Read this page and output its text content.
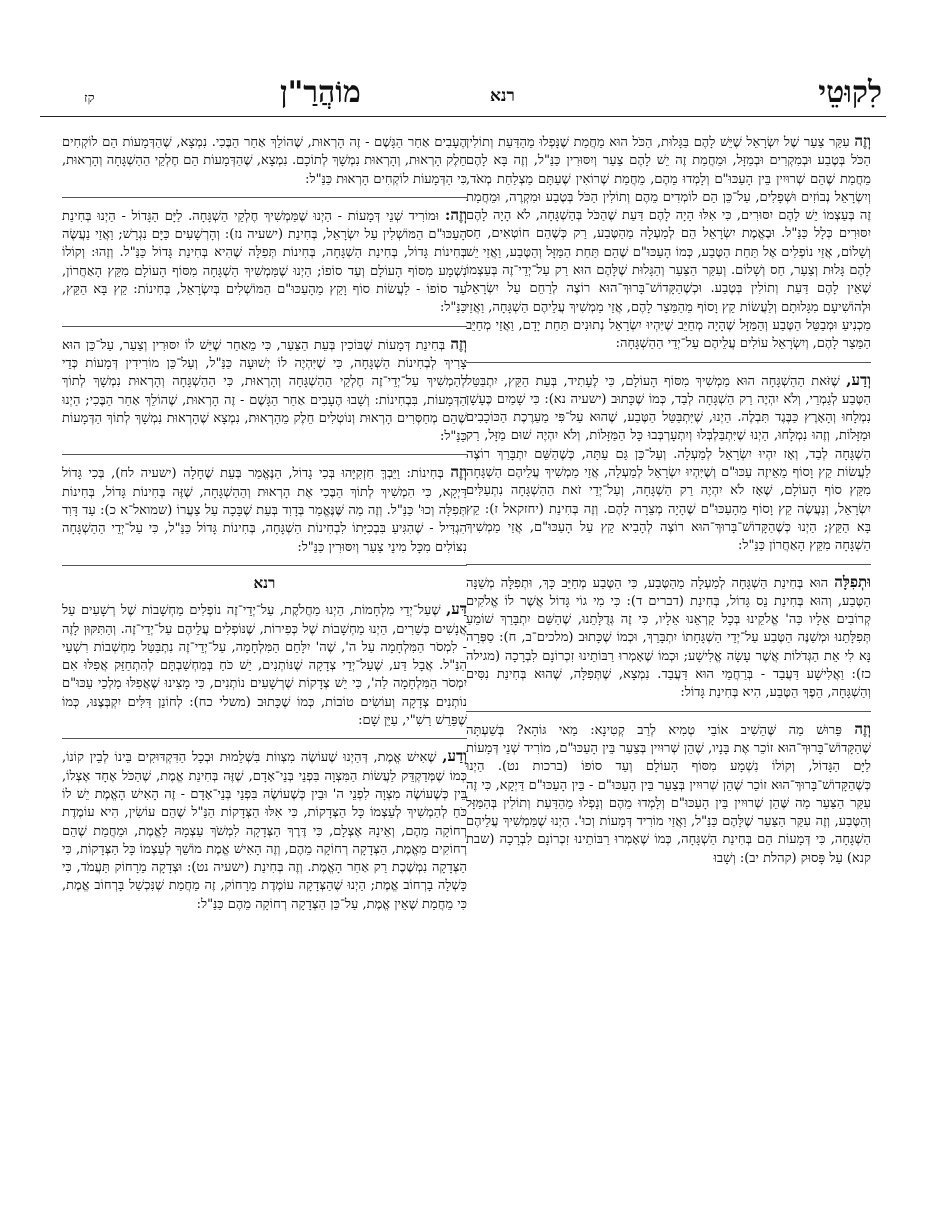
לִקוּטֵי
רנא
מוֹהֲרַ"ן
קז

וְזֶה עִקַּר צַעַר שֶׁל יִשְׂרָאֵל שֶׁיֵּשׁ לָהֶם בַּגָּלוּת, הַכֹּל הוּא מֵחֲמַת שֶׁנָּפְלוּ מֵהַדַּעַת וְתוֹלִין הַכֹּל בְּטֶבַע וּבְמִקְרִים וּבְמַזָּל, וּמֵחֲמַת זֶה יֵשׁ לָהֶם צַעַר וְיִסּוּרִין כַּנַּ"ל, וְזֶה בָּא לָהֶם מֵחֲמַת שֶׁהֵם שְׁרוּיִין בֵּין הָעַכּוּ"ם וְלָמְדוּ מֵהֶם, מֵחֲמַת שֶׁרוֹאִין שֶׁעַתָּם מַצְלַחַת מְאֹד, וְיִשְׂרָאֵל נְבוֹזִים וּשְׁפָלִים, עַל־כֵּן הֵם לוֹמְדִים מֵהֶם וְתוֹלִין הַכֹּל בְּטֶבַע וּמִקְרֶה, וּמֵחֲמַת זֶה בְּעַצְמוֹ יֵשׁ לָהֶם יִסּוּרִים, כִּי אִלּוּ הָיָה לָהֶם דַּעַת שֶׁהַכֹּל בְּהַשְׁגָּחָה, לֹא הָיָה לָהֶם יִסּוּרִים כְּלָל כַּנַּ"ל. וּבֶאֱמֶת יִשְׂרָאֵל הֵם לְמַעְלָה מֵהַטֶּבַע, רַק כְּשֶׁהֵם חוֹטְאִים, חַס וְשָׁלוֹם, אֲזַי נוֹפְלִים אֶל תַּחַת הַטֶּבַע, כְּמוֹ הָעַכּוּ"ם שֶׁהֵם תַּחַת הַמַּזָּל וְהַטֶּבַע, וַאֲזַי יֵשׁ לָהֶם גָּלוּת וְצַעַר, חַס וְשָׁלוֹם. וְעִקַּר הַצַּעַר וְהַגָּלוּת שֶׁלָּהֶם הוּא רַק עַל־יְדֵי־זֶה בְּעַצְמוֹ שֶׁאֵין לָהֶם דַּעַת וְתוֹלִין בְּטֶבַע. וּכְשֶׁהַקָּדוֹשׁ־בָּרוּךְ־הוּא רוֹצֶה לְרַחֵם עַל יִשְׂרָאֵל וּלְהוֹשִׁיעָם מִגָּלוּתָם וְלַעֲשׂוֹת קֵץ וָסוֹף מֵהַמֵּצַר לָהֶם, אֲזַי מַמְשִׁיךְ עֲלֵיהֶם הַשְׁגָּחָה, וַאֲזַי מַכְנִיעַ וּמְבַטֵּל הַטֶּבַע וְהַמַּזָּל שֶׁהָיָה מְחַיֵּב שֶׁיִּהְיוּ יִשְׂרָאֵל נְתוּנִים תַּחַת יָדָם, וַאֲזַי מְחַיֵּב הַמֵּצַר לָהֶם, וְיִשְׂרָאֵל עוֹלִים עֲלֵיהֶם עַל־יְדֵי הַהַשְׁגָּחָה:

וְדַע, שֶׁזֹּאת הַהַשְׁגָּחָה הוּא מַמְשִׁיךְ מִסּוֹף הָעוֹלָם, כִּי לֶעָתִיד, בְּעֵת הַקֵּץ, יִתְבַּטֵּל הַטֶּבַע לְגַמְרֵי, וְלֹא יִהְיֶה רַק הַשְׁגָּחָה לְבַד, כְּמוֹ שֶׁכָּתוּב (ישעיה נא): כִּי שָׁמַיִם כֶּעָשָׁן נִמְלָחוּ וְהָאָרֶץ כַּבֶּגֶד תִּבְלֶה. הַיְנוּ, שֶׁיִּתְבַּטֵּל הַטֶּבַע, שֶׁהוּא עַל־פִּי מַעַרֶכֶת הַכּוֹכָבִים וּמַזָּלוֹת, וְזֶהוּ נִמְלָחוּ, הַיְנוּ שֶׁיִּתְבַּלְבְּלוּ וְיִתְעָרְבְּבוּ כָּל הַמַּזָּלוֹת, וְלֹא יִהְיֶה שׁוּם מַזָּל, רַק הַשְׁגָּחָה לְבַד, וְאָז יִהְיוּ יִשְׂרָאֵל לְמַעְלָה. וְעַל־כֵּן גַּם עַתָּה, כְּשֶׁהַשֵּׁם יִתְבָּרַךְ רוֹצֶה לַעֲשׂוֹת קֵץ וָסוֹף מֵאֵיזֶה עַכּוּ"ם וְשֶׁיִּהְיוּ יִשְׂרָאֵל לְמַעְלָה, אֲזַי מַמְשִׁיךְ עֲלֵיהֶם הַשְׁגָּחָה מִקֵּץ סוֹף הָעוֹלָם, שֶׁאָז לֹא יִהְיֶה רַק הַשְׁגָּחָה, וְעַל־יְדֵי זֹאת הַהַשְׁגָּחָה נִתְעַלִּים יִשְׂרָאֵל, וְנַעֲשֶׂה קֵץ וָסוֹף מֵהָעַכּוּ"ם שֶׁהָיָה מְצֵרָה לָהֶם. וְזֶה בְּחִינַת (יחזקאל ז): קֵץ בָּא הַקֵּץ; הַיְנוּ כְּשֶׁהַקָּדוֹשׁ־בָּרוּךְ־הוּא רוֹצֶה לְהָבִיא קֵץ עַל הָעַכּוּ"ם, אֲזַי מַמְשִׁיךְ הַשְׁגָּחָה מִקֵּץ הָאַחֲרוֹן כַּנַּ"ל:

וּתְפִלָּה הוּא בְּחִינַת הַשְׁגָּחָה לְמַעְלָה מֵהַטֶּבַע, כִּי הַטֶּבַע מְחַיֵּב כָּךְ, וּתְפִלָּה מְשַׁנָּה הַטֶּבַע, וְהוּא בְּחִינַת נֵס גָּדוֹל, בְּחִינַת (דברים ד): כִּי מִי גוֹי גָּדוֹל אֲשֶׁר לוֹ אֱלֹקִים קְרוֹבִים אֵלָיו כַּה' אֱלֹקֵינוּ בְּכָל קָרְאֵנוּ אֵלָיו, כִּי זֶה גְּדֻלָּתֵנוּ, שֶׁהַשֵּׁם יִתְבָּרַךְ שׁוֹמֵעַ תְּפִלָּתֵנוּ וּמְשַׁנֶּה הַטֶּבַע עַל־יְדֵי הַשְׁגָּחָתוֹ יִתְבָּרַךְ, וּכְמוֹ שֶׁכָּתוּב (מלכים־ב, ח): סַפְּרָה נָּא לִי אֵת הַגְּדֹלוֹת אֲשֶׁר עָשָׂה אֱלִישָׁע; וּכְמוֹ שֶׁאָמְרוּ רַבּוֹתֵינוּ זִכְרוֹנָם לִבְרָכָה (מגילה כז): וַאֲלִישָׁע דַּעֲבַד - בְּרַחֲמֵי הוּא דַּעֲבַד. נִמְצָא, שֶׁתְּפִלָּה, שֶׁהוּא בְּחִינַת נִסִּים וְהַשְׁגָּחָה, הֵפֶךְ הַטֶּבַע, הִיא בְּחִינַת גָּדוֹל:

וְזֶה פֵּרוּשׁ מַה שֶּׁהֵשִׁיב אוֹבֵי טְמִיא לְרַב קְטִינָא: מַאי גּוֹהָא? בְּשַׁעְתָּה שֶׁהַקָּדוֹשׁ־בָּרוּךְ־הוּא זוֹכֵר אֶת בָּנָיו, שֶׁהֵן שְׁרוּיִין בְּצַעַר בֵּין הָעַכּוּ"ם, מוֹרִיד שְׁנֵי דְּמָעוֹת לַיָּם הַגָּדוֹל, וְקוֹלוֹ נִשְׁמָע מִסּוֹף הָעוֹלָם וְעַד סוֹפוֹ (ברכות נט). הַיְנוּ כְּשֶׁהַקָּדוֹשׁ־בָּרוּךְ־הוּא זוֹכֵר שֶׁהֵן שְׁרוּיִין בְּצַעַר בֵּין הָעַכּוּ"ם - בֵּין הָעַכּוּ"ם דַּיְקָא, כִּי זֶה עִקַּר הַצַּעַר מַה שֶּׁהֵן שְׁרוּיִין בֵּין הָעַכּוּ"ם וְלָמְדוּ מֵהֶם וְנָפְלוּ מֵהַדַּעַת וְתוֹלִין בְּהַמַּזָּל וְהַטֶּבַע, וְזֶה עִקַּר הַצַּעַר שֶׁלָּהֶם כַּנַּ"ל, וַאֲזַי מוֹרִיד דְּמָעוֹת וְכוּ'. הַיְנוּ שֶׁמַּמְשִׁיךְ עֲלֵיהֶם הַשְׁגָּחָה, כִּי דְּמָעוֹת הֵם בְּחִינַת הַשְׁגָּחָה, כְּמוֹ שֶׁאָמְרוּ רַבּוֹתֵינוּ זִכְרוֹנָם לִבְרָכָה (שבת קנא) עַל פָּסוּק (קהלת יב): וְשָׁבוּ

הֶעָבִים אַחַר הַגָּשֶׁם - זֶה הָרְאוּת, שֶׁהוֹלֵךְ אַחַר הַבֶּכִי. נִמְצָא, שֶׁהַדְּמָעוֹת הֵם לוֹקְחִים חֵלֶק הָרְאוּת, וְהָרְאוּת נִמְשָׁךְ לְתוֹכָם. נִמְצָא, שֶׁהַדְּמָעוֹת הֵם חֶלְקֵי הַהַשְׁגָּחָה וְהָרְאוּת, כִּי הַדְּמָעוֹת לוֹקְחִים הָרְאוּת כַּנַּ"ל:

וְזֶה: וּמוֹרִיד שְׁנֵי דְּמָעוֹת - הַיְנוּ שֶׁמַּמְשִׁיךְ חֶלְקֵי הַשְׁגָּחָה. לַיָּם הַגָּדוֹל - הַיְנוּ בְּחִינַת הָעַכּוּ"ם הַמּוֹשְׁלִין עַל יִשְׂרָאֵל, בְּחִינַת (ישעיה נז): וְהָרְשָׁעִים כַּיָּם נִגְרָשׁ; וַאֲזַי נַעֲשֶׂה בְּחִינוֹת גָּדוֹל, בְּחִינַת הַשְׁגָּחָה, בְּחִינוֹת תְּפִלָּה שֶׁהִיא בְּחִינַת גָּדוֹל כַּנַּ"ל. וְזֶהוּ: וְקוֹלוֹ נִשְׁמָע מִסּוֹף הָעוֹלָם וְעַד סוֹפוֹ; הַיְנוּ שֶׁמַּמְשִׁיךְ הַשְׁגָּחָה מִסּוֹף הָעוֹלָם מִקֵּץ הָאַחֲרוֹן, עַד סוֹפוֹ - לַעֲשׂוֹת סוֹף וָקֵץ מֵהָעַכּוּ"ם הַמּוֹשְׁלִים בְּיִשְׂרָאֵל, בְּחִינוֹת: קֵץ בָּא הַקֵּץ, כַּנַּ"ל:

וְזֶה בְּחִינַת דְּמָעוֹת שֶׁבּוֹכִין בְּעֵת הַצַּעַר, כִּי מֵאַחַר שֶׁיֵּשׁ לוֹ יִסּוּרִין וְצַעַר, עַל־כֵּן הוּא צָרִיךְ לְבְחִינוֹת הַשְׁגָּחָה, כִּי שֶׁיִּהְיֶה לוֹ יְשׁוּעָה כַּנַּ"ל, וְעַל־כֵּן מוֹרִידִין דְּמָעוֹת כְּדֵי לְהַמְשִׁיךְ עַל־יְדֵי־זֶה חֶלְקֵי הַהַשְׁגָּחָה וְהָרְאוּת, כִּי הַהַשְׁגָּחָה וְהָרְאוּת נִמְשָׁךְ לְתוֹךְ הַדְּמָעוֹת, בִּבְחִינוֹת: וְשָׁבוּ הֶעָבִים אַחַר הַגָּשֶׁם - זֶה הָרְאוּת, שֶׁהוֹלֵךְ אַחַר הַבֶּכִי; הַיְנוּ שֶׁהֵם מְחַסְּרִים הָרְאוּת וְנוֹטְלִים חֵלֶק מֵהָרְאוּת, נִמְצָא שֶׁהָרְאוּת נִמְשָׁךְ לְתוֹךְ הַדְּמָעוֹת כַּנַּ"ל:

וְזֶה בְּחִינוֹת: וַיֵּבְךְּ חִזְקִיָּהוּ בְּכִי גָדוֹל, הַנֶּאֱמַר בְּעֵת שֶׁחָלָה (ישעיה לח), בְּכִי גָּדוֹל דַּיְקָא, כִּי הִמְשִׁיךְ לְתוֹךְ הַבֶּכִי אֶת הָרְאוּת וְהַהַשְׁגָּחָה, שֶׁזֶּה בְּחִינוֹת גָּדוֹל, בְּחִינוֹת תְּפִלָּה וְכוּ' כַּנַּ"ל. וְזֶה מַה שֶּׁנֶּאֱמַר בְּדָוִד בְּעֵת שֶׁבָּכָה עַל צַעֲרוֹ (שמואל־א כ): עַד דָּוִד הִגְדִּיל - שֶׁהִגִּיעַ בִּבְכִיָּתוֹ לִבְחִינוֹת הַשְׁגָּחָה, בְּחִינוֹת גָּדוֹל כַּנַּ"ל, כִּי עַל־יְדֵי הַהַשְׁגָּחָה נִצּוֹלִים מִכָּל מִינֵי צַעַר וְיִסּוּרִין כַּנַּ"ל:

רנא

דַּע, שֶׁעַל־יְדֵי מִלְחָמוֹת, הַיְנוּ מַחֲלֹקֶת, עַל־יְדֵי־זֶה נוֹפְלִים מַחְשָׁבוֹת שֶׁל רְשָׁעִים עַל אֲנָשִׁים כְּשֵׁרִים, הַיְנוּ מַחְשָׁבוֹת שֶׁל כְּפִירוֹת, שֶׁנּוֹפְלִים עֲלֵיהֶם עַל־יְדֵי־זֶה. וְהַתִּקּוּן לָזֶה - לִמְסֹר הַמִּלְחָמָה עַל ה', שֶׁה' יִלָּחֵם הַמִּלְחָמָה, עַל־יְדֵי־זֶה נִתְבַּטֵּל מַחְשְׁבוֹת רִשְׁעֵי הַנַּ"ל. אֲבָל דַּע, שֶׁעַל־יְדֵי צְדָקָה שֶׁנּוֹתְנִים, יֵשׁ כֹּחַ בְּמַחְשַׁבְתָּם לְהִתְחַזֵּק אֲפִלּוּ אִם יִמְסֹר הַמִּלְחָמָה לַה', כִּי יֵשׁ צְדָקוֹת שֶׁרְשָׁעִים נוֹתְנִים, כִּי מָצִינוּ שֶׁאֲפִלּוּ מַלְכֵי עַכּוּ"ם נוֹתְנִים צְדָקָה וְעוֹשִׂים טוֹבוֹת, כְּמוֹ שֶׁכָּתוּב (משלי כח): לְחוֹנֵן דַּלִּים יִקְבְּצֶנּוּ, כְּמוֹ שֶׁפֵּרֵשׁ רַשִׁ"י, עַיֵּן שָׁם:

וְדַע, שֶׁאִישׁ אֱמֶת, דְּהַיְנוּ שֶׁעוֹשֶׂה מִצְווֹת בִּשְׁלֵמוּת וּבְכָל הַדִּקְדּוּקִים בֵּינוֹ לְבֵין קוֹנוֹ, כְּמוֹ שֶׁמְּדַקְדֵּק לַעֲשׂוֹת הַמִּצְוָה בִּפְנֵי בְּנֵי־אָדָם, שֶׁזֶּה בְּחִינַת אֱמֶת, שֶׁהַכֹּל אֶחָד אֶצְלוֹ, בֵּין כְּשֶׁעוֹשֶׂה מִצְוָה לִפְנֵי ה' וּבֵין כְּשֶׁעוֹשֶׂה בִּפְנֵי בְּנֵי־אָדָם - זֶה הָאִישׁ הָאֱמֶת יֵשׁ לוֹ כֹּחַ לְהַמְשִׁיךְ לְעַצְמוֹ כָּל הַצְּדָקוֹת, כִּי אִלּוּ הַצְּדָקוֹת הַנַּ"ל שֶׁהֵם עוֹשִׂין, הִיא עוֹמֶדֶת רְחוֹקָה מֵהֶם, וְאֵינָהּ אֶצְלָם, כִּי דֶּרֶךְ הַצְּדָקָה לִמְשֹׁךְ עַצְמָהּ לָאֱמֶת, וּמֵחֲמַת שֶׁהֵם רְחוֹקִים מֵאֱמֶת, הַצְּדָקָה רְחוֹקָה מֵהֶם, וְזֶה הָאִישׁ אֱמֶת מוֹשֵׁךְ לְעַצְמוֹ כָּל הַצְּדָקוֹת, כִּי הַצְּדָקָה נִמְשֶׁכֶת רַק אַחַר הָאֱמֶת. וְזֶה בְּחִינַת (ישעיה נט): וּצְדָקָה מֵרָחוֹק תַּעֲמֹד, כִּי כָּשְׁלָה בָרְחוֹב אֱמֶת; הַיְנוּ שֶׁהַצְּדָקָה עוֹמֶדֶת מֵרָחוֹק, זֶה מֵחֲמַת שֶׁנִּכְשַׁל בָּרְחוֹב אֱמֶת, כִּי מֵחֲמַת שֶׁאֵין אֱמֶת, עַל־כֵּן הַצְּדָקָה רְחוֹקָה מֵהֶם כַּנַּ"ל:
